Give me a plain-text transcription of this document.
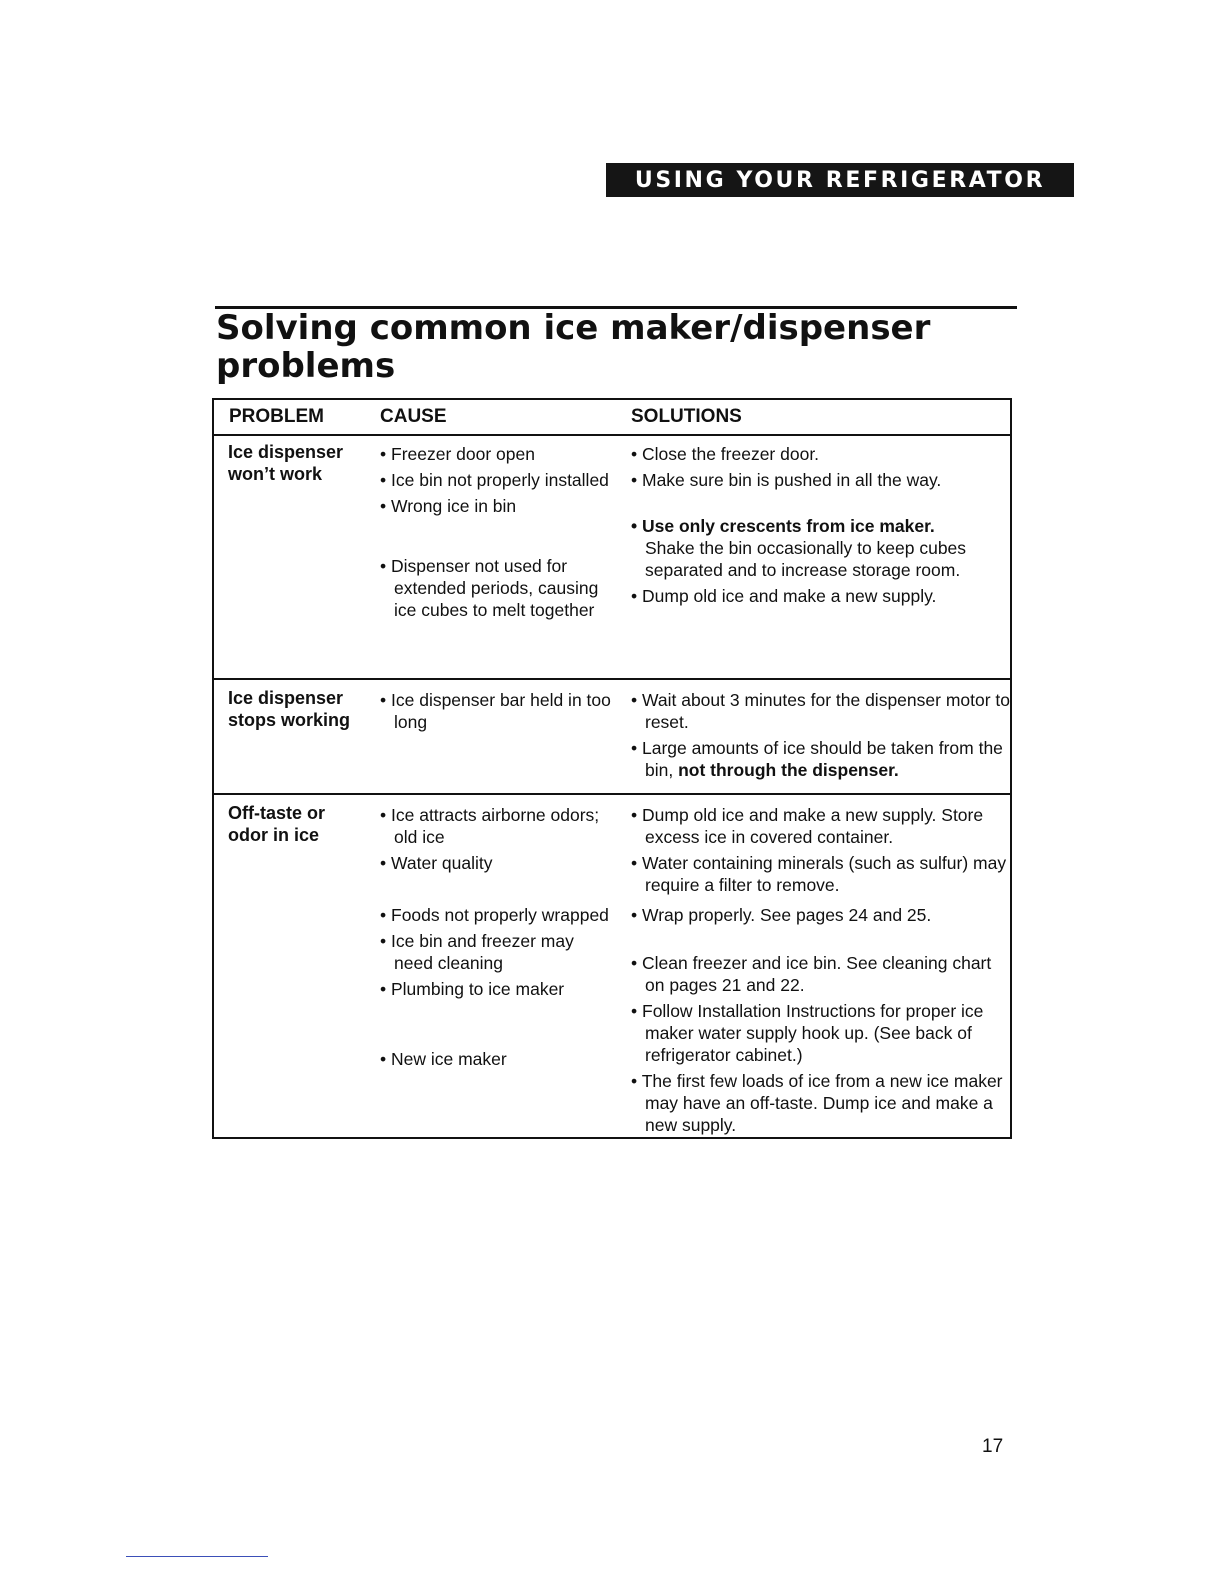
USING YOUR REFRIGERATOR
Solving common ice maker/dispenser problems
PROBLEM	CAUSE	SOLUTIONS
Ice dispenser won’t work

• Freezer door open

• Ice bin not properly installed

• Wrong ice in bin

• Dispenser not used for extended periods, causing ice cubes to melt together

• Close the freezer door.

• Make sure bin is pushed in all the way.

• Use only crescents from ice maker.

Shake the bin occasionally to keep cubes separated and to increase storage room.

• Dump old ice and make a new supply.

Ice dispenser stops working

• Ice dispenser bar held in too long

• Wait about 3 minutes for the dispenser motor to reset.

• Large amounts of ice should be taken from the bin, not through the dispenser.

Off-taste or odor in ice

• Ice attracts airborne odors; old ice

• Water quality

• Foods not properly wrapped

• Ice bin and freezer may need cleaning

• Plumbing to ice maker

• New ice maker

• Dump old ice and make a new supply. Store excess ice in covered container.

• Water containing minerals (such as sulfur) may require a filter to remove.

• Wrap properly. See pages 24 and 25.

• Clean freezer and ice bin. See cleaning chart on pages 21 and 22.

• Follow Installation Instructions for proper ice maker water supply hook up. (See back of refrigerator cabinet.)

• The first few loads of ice from a new ice maker may have an off-taste. Dump ice and make a new supply.

17
